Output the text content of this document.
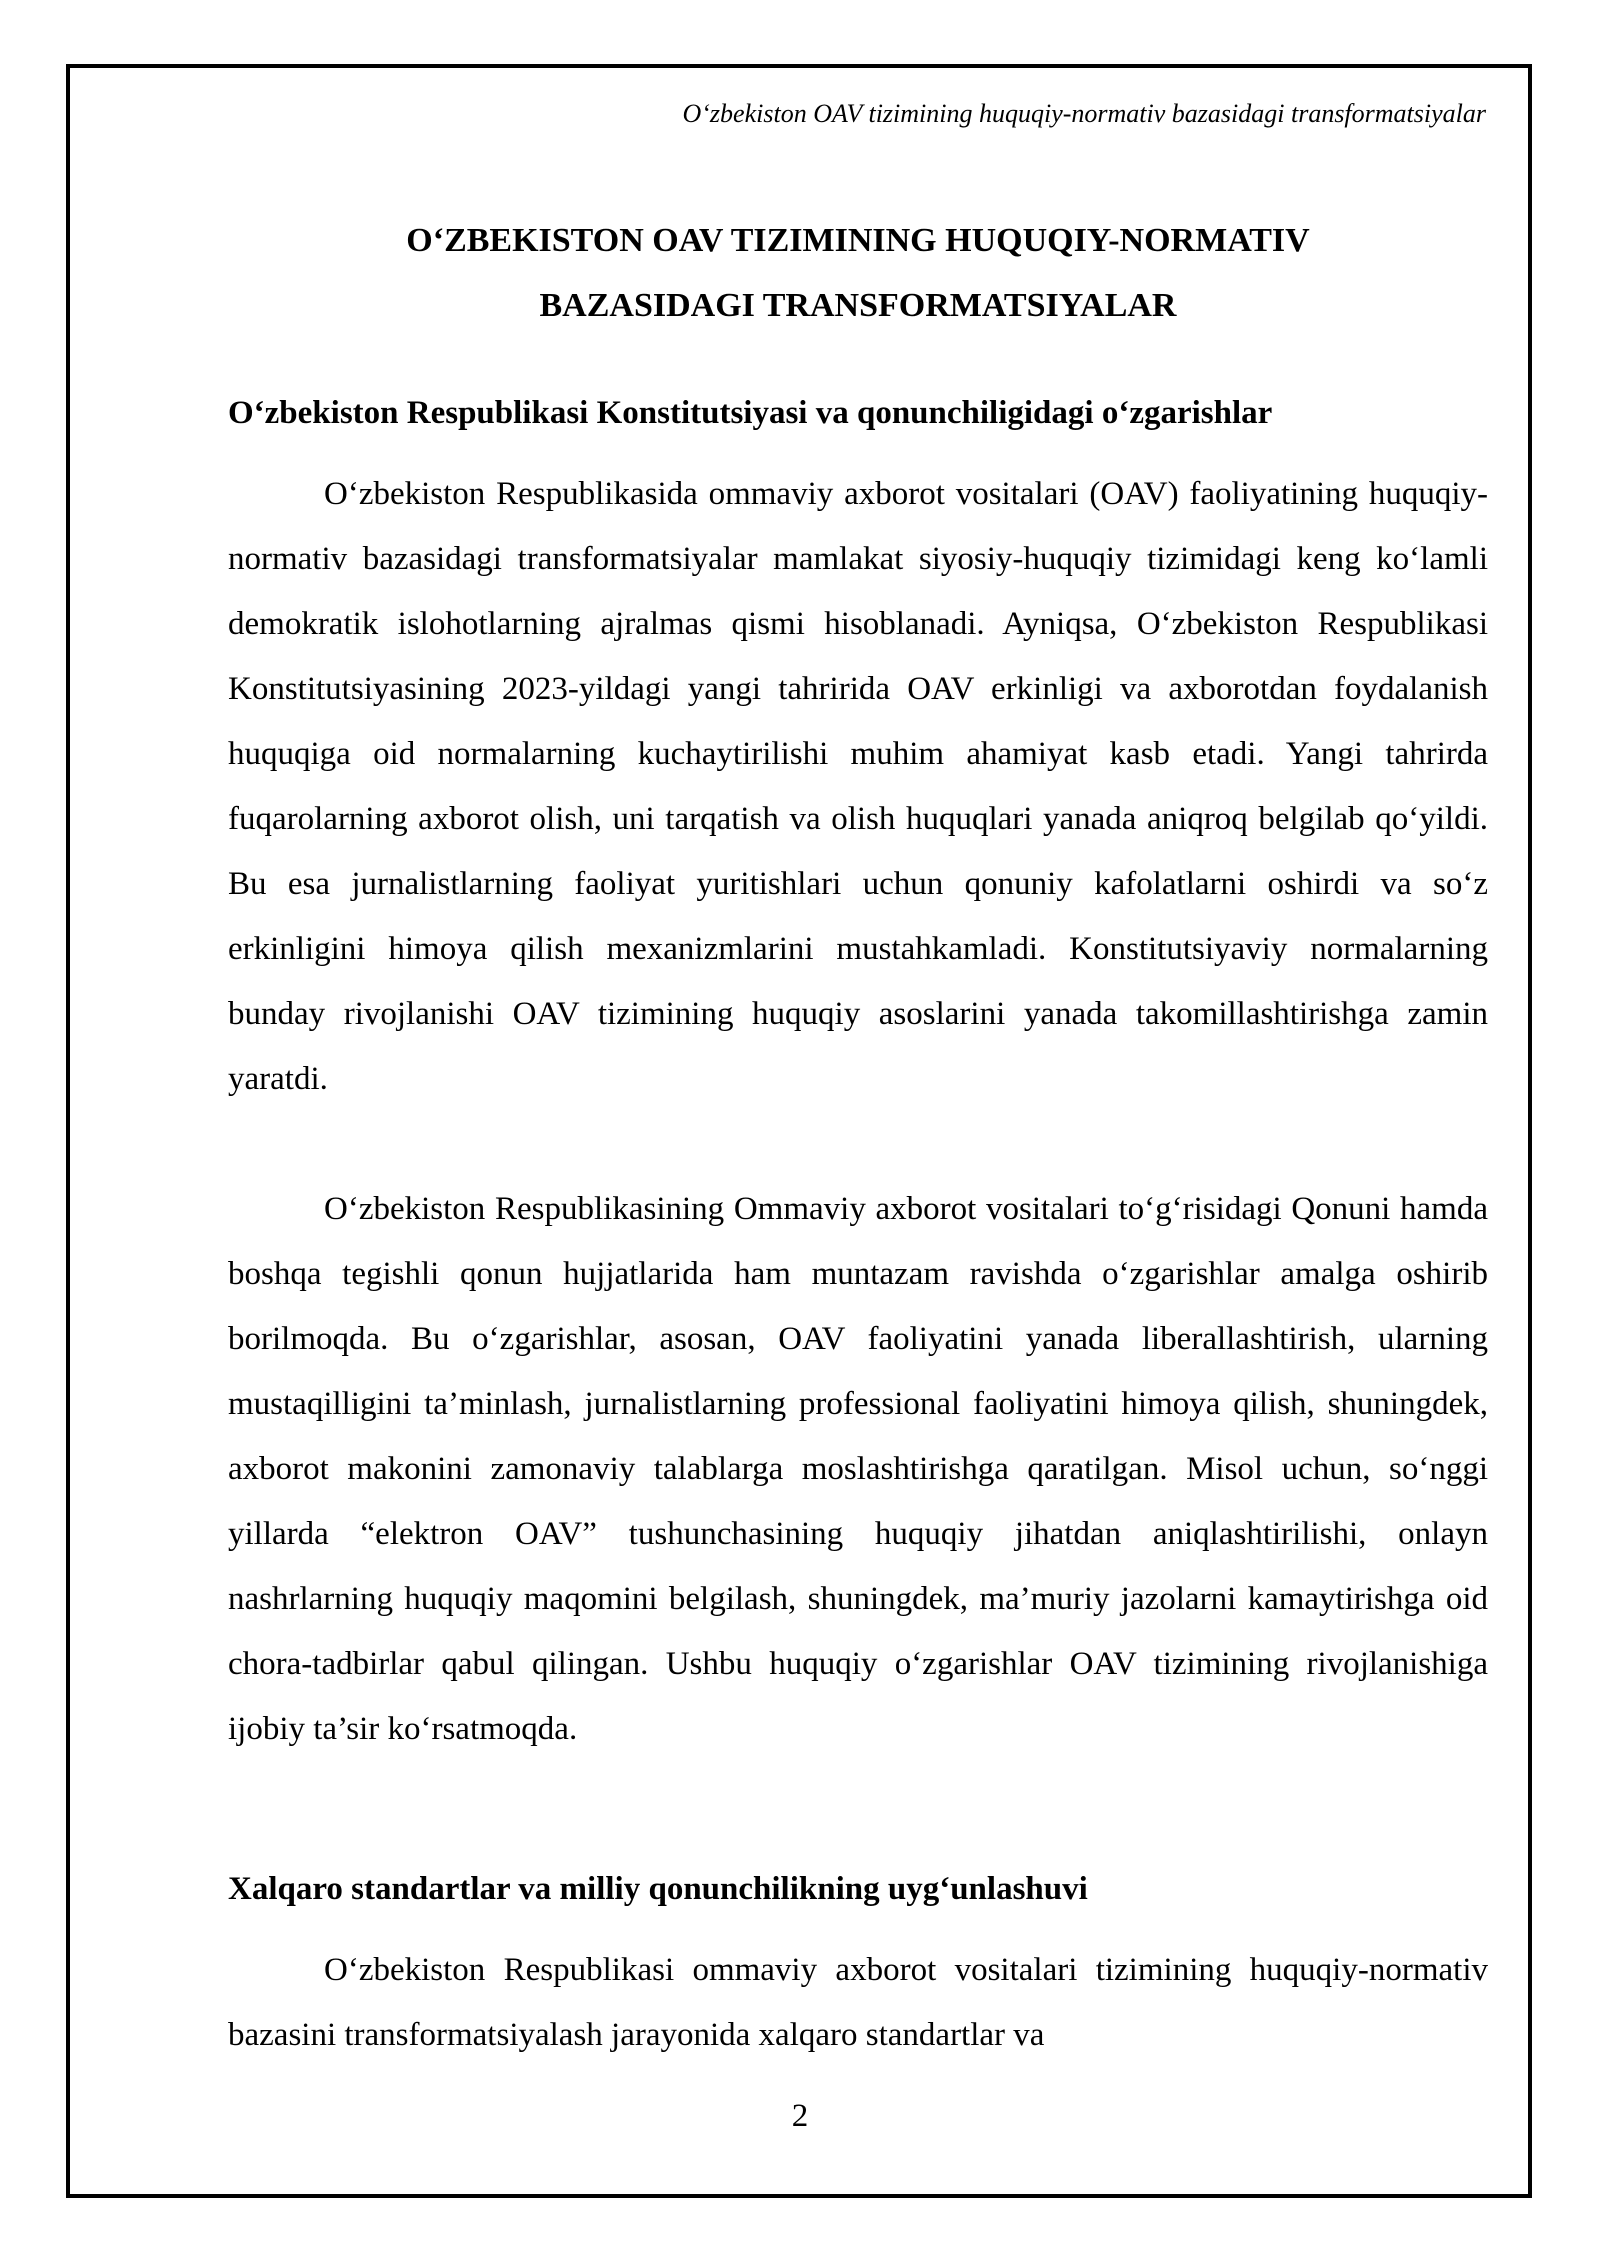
O‘zbekiston OAV tizimining huquqiy-normativ bazasidagi transformatsiyalar
O‘ZBEKISTON OAV TIZIMINING HUQUQIY-NORMATIV
BAZASIDAGI TRANSFORMATSIYALAR
O‘zbekiston Respublikasi Konstitutsiyasi va qonunchiligidagi o‘zgarishlar

O‘zbekiston Respublikasida ommaviy axborot vositalari (OAV) faoliyatining huquqiy-normativ bazasidagi transformatsiyalar mamlakat siyosiy-huquqiy tizimidagi keng ko‘lamli demokratik islohotlarning ajralmas qismi hisoblanadi. Ayniqsa, O‘zbekiston Respublikasi Konstitutsiyasining 2023-yildagi yangi tahririda OAV erkinligi va axborotdan foydalanish huquqiga oid normalarning kuchaytirilishi muhim ahamiyat kasb etadi. Yangi tahrirda fuqarolarning axborot olish, uni tarqatish va olish huquqlari yanada aniqroq belgilab qo‘yildi. Bu esa jurnalistlarning faoliyat yuritishlari uchun qonuniy kafolatlarni oshirdi va so‘z erkinligini himoya qilish mexanizmlarini mustahkamladi. Konstitutsiyaviy normalarning bunday rivojlanishi OAV tizimining huquqiy asoslarini yanada takomillashtirishga zamin yaratdi.

O‘zbekiston Respublikasining Ommaviy axborot vositalari to‘g‘risidagi Qonuni hamda boshqa tegishli qonun hujjatlarida ham muntazam ravishda o‘zgarishlar amalga oshirib borilmoqda. Bu o‘zgarishlar, asosan, OAV faoliyatini yanada liberallashtirish, ularning mustaqilligini ta’minlash, jurnalistlarning professional faoliyatini himoya qilish, shuningdek, axborot makonini zamonaviy talablarga moslashtirishga qaratilgan. Misol uchun, so‘nggi yillarda “elektron OAV” tushunchasining huquqiy jihatdan aniqlashtirilishi, onlayn nashrlarning huquqiy maqomini belgilash, shuningdek, ma’muriy jazolarni kamaytirishga oid chora-tadbirlar qabul qilingan. Ushbu huquqiy o‘zgarishlar OAV tizimining rivojlanishiga ijobiy ta’sir ko‘rsatmoqda.

Xalqaro standartlar va milliy qonunchilikning uyg‘unlashuvi

O‘zbekiston Respublikasi ommaviy axborot vositalari tizimining huquqiy-normativ bazasini transformatsiyalash jarayonida xalqaro standartlar va

2
